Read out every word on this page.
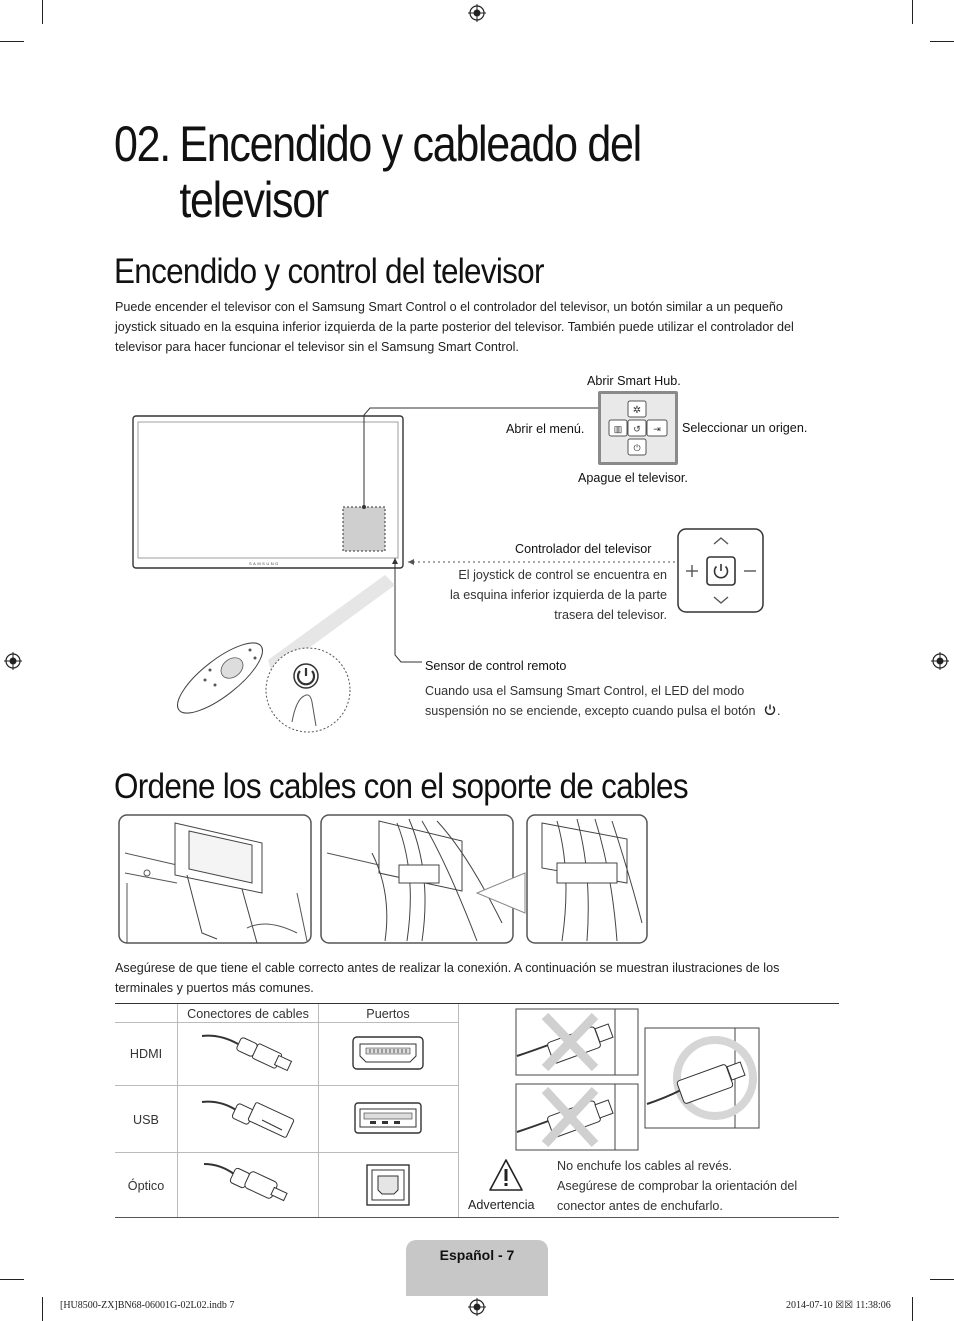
02. Encendido y cableado del
televisor
Encendido y control del televisor
Puede encender el televisor con el Samsung Smart Control o el controlador del televisor, un botón similar a un pequeño joystick situado en la esquina inferior izquierda de la parte posterior del televisor. También puede utilizar el controlador del televisor para hacer funcionar el televisor sin el Samsung Smart Control.
SAMSUNG
✲
▥ ↺ ⇥
⏻
Abrir Smart Hub.
Abrir el menú.	Seleccionar un origen.
Apague el televisor.
Controlador del televisor
El joystick de control se encuentra en
la esquina inferior izquierda de la parte
trasera del televisor.
Sensor de control remoto
Cuando usa el Samsung Smart Control, el LED del modo
suspensión no se enciende, excepto cuando pulsa el botón .
Ordene los cables con el soporte de cables
Asegúrese de que tiene el cable correcto antes de realizar la conexión. A continuación se muestran ilustraciones de los terminales y puertos más comunes.
Conectores de cables	Puertos
HDMI
USB
Óptico
Advertencia
No enchufe los cables al revés.
Asegúrese de comprobar la orientación del
conector antes de enchufarlo.
Español - 7
[HU8500-ZX]BN68-06001G-02L02.indb 7	2014-07-10 ☒☒ 11:38:06
